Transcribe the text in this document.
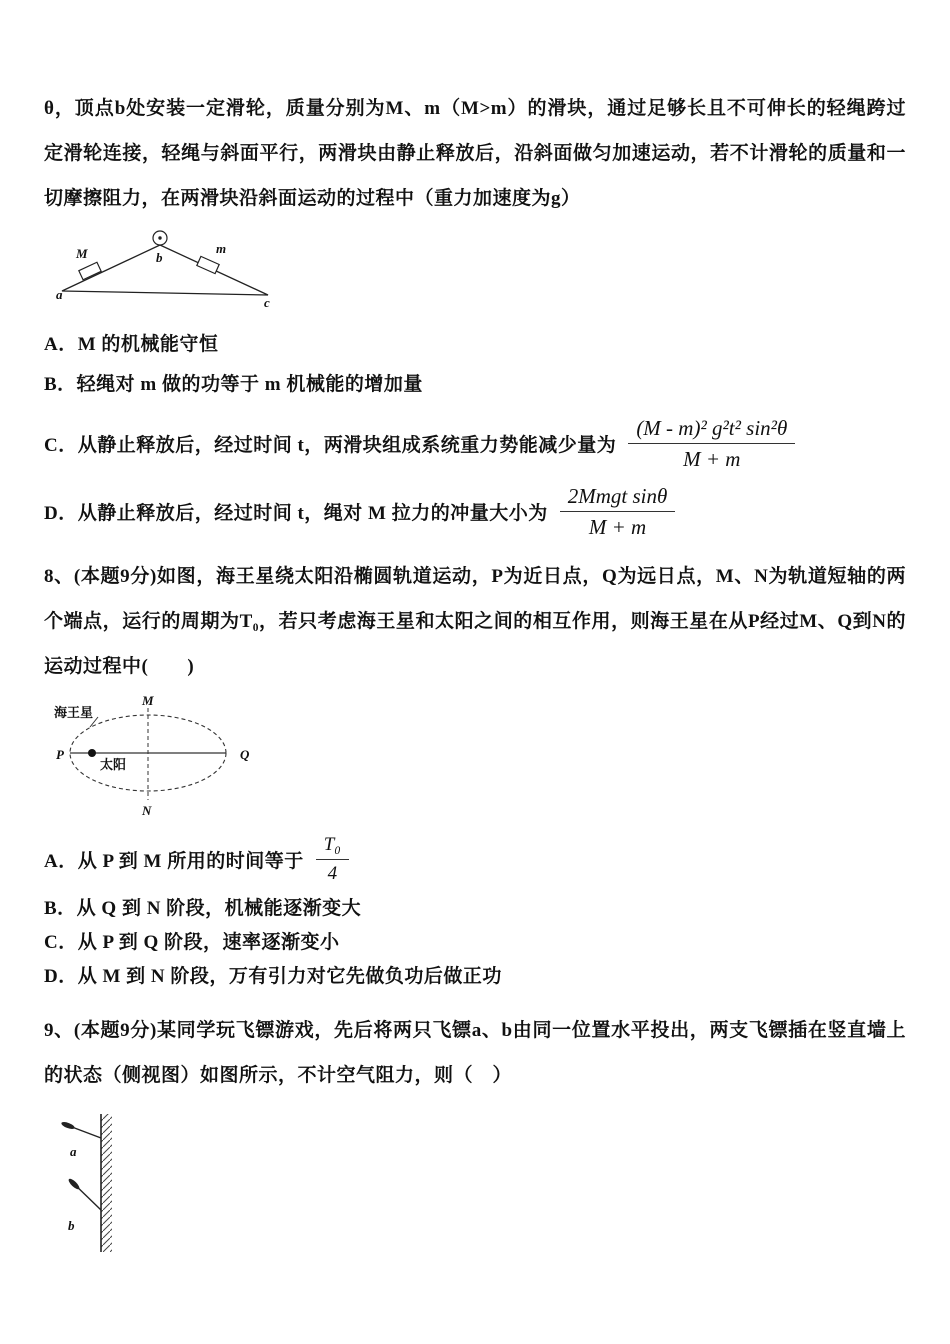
θ，顶点b处安装一定滑轮，质量分别为M、m（M>m）的滑块，通过足够长且不可伸长的轻绳跨过定滑轮连接，轻绳与斜面平行，两滑块由静止释放后，沿斜面做匀加速运动，若不计滑轮的质量和一切摩擦阻力，在两滑块沿斜面运动的过程中（重力加速度为g）

M	m
a
b
c

A．M 的机械能守恒

B．轻绳对 m 做的功等于 m 机械能的增加量

C．从静止释放后，经过时间 t，两滑块组成系统重力势能减少量为 $\frac{\text{(M - m)² g²t² sin²θ}}{M + m}$
D．从静止释放后，经过时间 t，绳对 M 拉力的冲量大小为 $\frac{\text{2Mmgt sinθ}}{M + m}$

8、(本题9分)如图，海王星绕太阳沿椭圆轨道运动，P为近日点，Q为远日点，M、N为轨道短轴的两个端点，运行的周期为T₀，若只考虑海王星和太阳之间的相互作用，则海王星在从P经过M、Q到N的运动过程中(　　)

海王星
太阳
M
N
P	Q
A．从 P 到 M 所用的时间等于 $\frac{\text{T₀}}{4}$

B．从 Q 到 N 阶段，机械能逐渐变大

C．从 P 到 Q 阶段，速率逐渐变小

D．从 M 到 N 阶段，万有引力对它先做负功后做正功

9、(本题9分)某同学玩飞镖游戏，先后将两只飞镖a、b由同一位置水平投出，两支飞镖插在竖直墙上的状态（侧视图）如图所示，不计空气阻力，则（　）

a
b
